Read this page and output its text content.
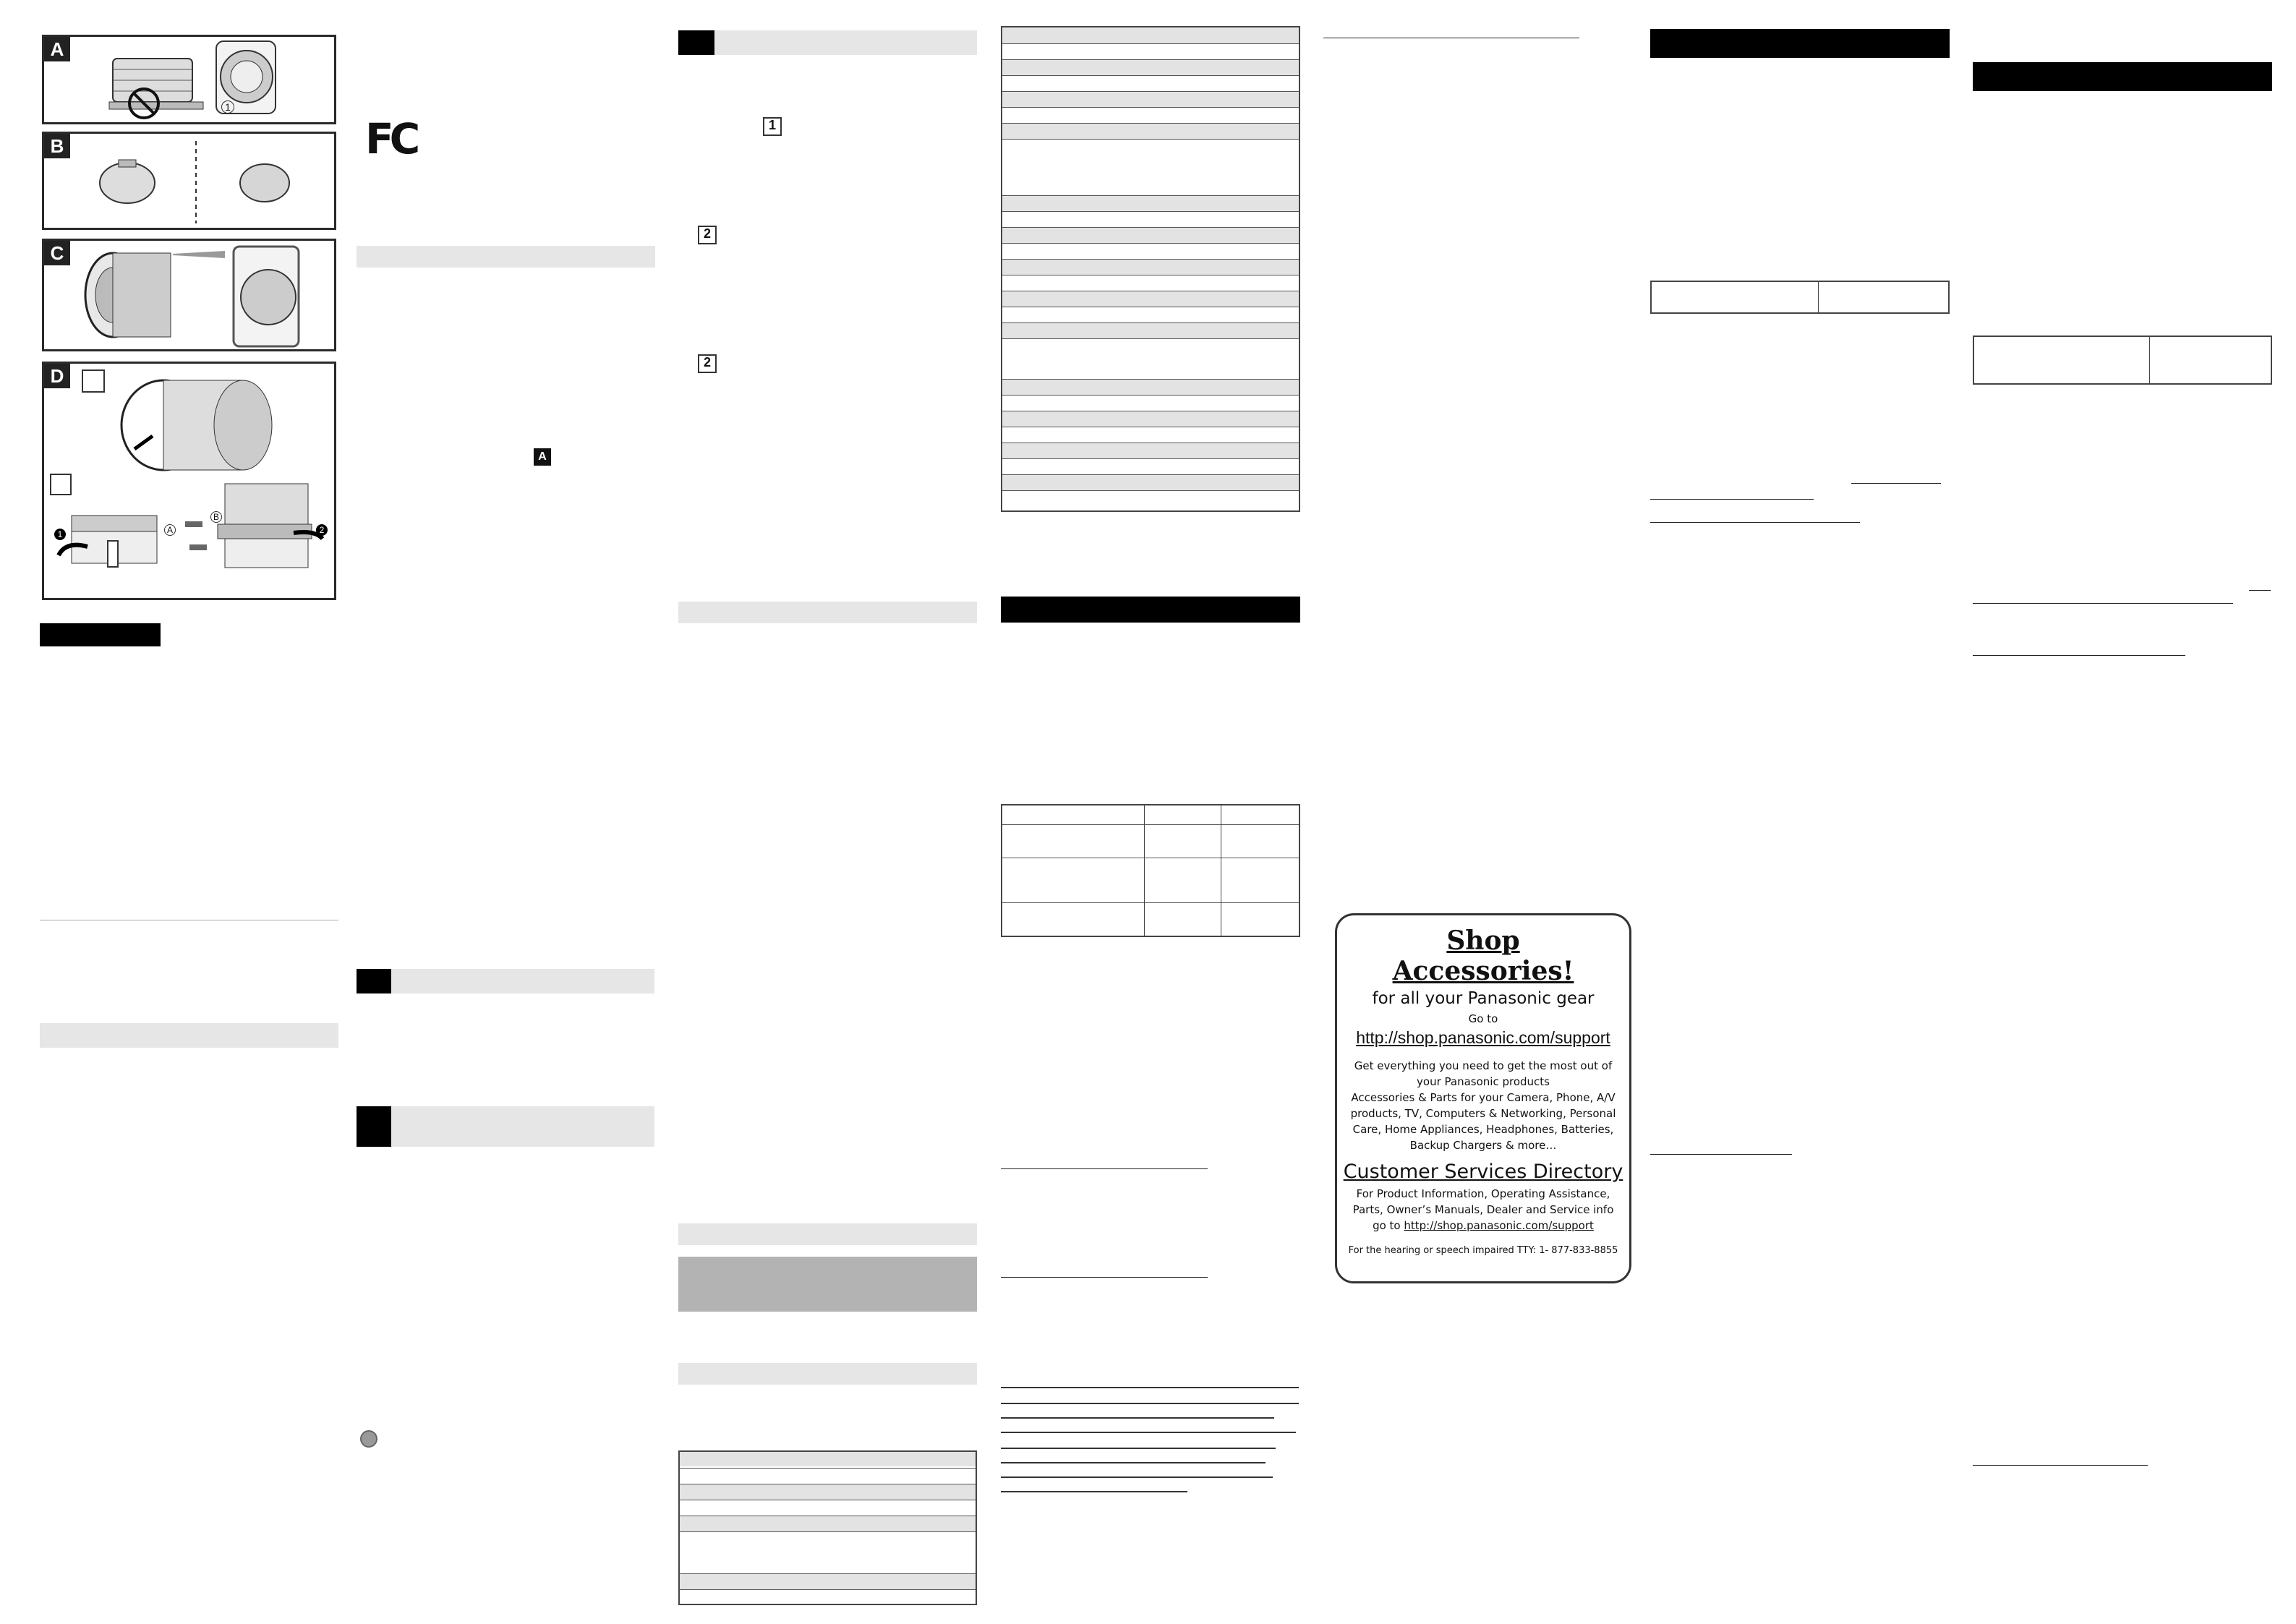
A
1
B
C
D
A
B
1	2
FC
A
1
2
2
Shop
Accessories!
for all your Panasonic gear
Go to
http://shop.panasonic.com/support
Get everything you need to get the most out of
your Panasonic products
Accessories & Parts for your Camera, Phone, A/V
products, TV, Computers & Networking, Personal
Care, Home Appliances, Headphones, Batteries,
Backup Chargers & more…
Customer Services Directory
For Product Information, Operating Assistance,
Parts, Owner’s Manuals, Dealer and Service info
go to http://shop.panasonic.com/support
For the hearing or speech impaired TTY: 1- 877-833-8855
